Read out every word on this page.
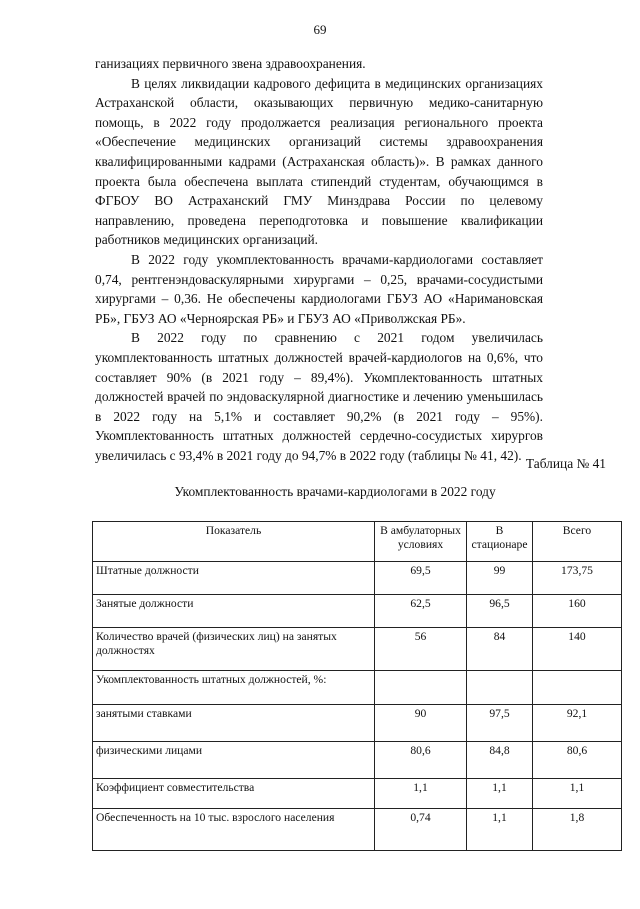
69

ганизациях первичного звена здравоохранения.

В целях ликвидации кадрового дефицита в медицинских организациях Астраханской области, оказывающих первичную медико-санитарную помощь, в 2022 году продолжается реализация регионального проекта «Обеспечение медицинских организаций системы здравоохранения квалифицированными кадрами (Астраханская область)». В рамках данного проекта была обеспечена выплата стипендий студентам, обучающимся в ФГБОУ ВО Астраханский ГМУ Минздрава России по целевому направлению, проведена переподготовка и повышение квалификации работников медицинских организаций.

В 2022 году укомплектованность врачами-кардиологами составляет 0,74, рентгенэндоваскулярными хирургами – 0,25, врачами-сосудистыми хирургами – 0,36. Не обеспечены кардиологами ГБУЗ АО «Наримановская РБ», ГБУЗ АО «Черноярская РБ» и ГБУЗ АО «Приволжская РБ».

В 2022 году по сравнению с 2021 годом увеличилась укомплектованность штатных должностей врачей-кардиологов на 0,6%, что составляет 90% (в 2021 году – 89,4%). Укомплектованность штатных должностей врачей по эндоваскулярной диагностике и лечению уменьшилась в 2022 году на 5,1% и составляет 90,2% (в 2021 году – 95%). Укомплектованность штатных должностей сердечно-сосудистых хирургов увеличилась с 93,4% в 2021 году до 94,7% в 2022 году (таблицы № 41, 42).

Таблица № 41
Укомплектованность врачами-кардиологами в 2022 году
Показатель	В амбулаторных условиях	В стационаре	Всего
Штатные должности	69,5	99	173,75
Занятые должности	62,5	96,5	160
Количество врачей (физических лиц) на занятых должностях	56	84	140
Укомплектованность штатных должностей, %:			
занятыми ставками	90	97,5	92,1
физическими лицами	80,6	84,8	80,6
Коэффициент совместительства	1,1	1,1	1,1
Обеспеченность на 10 тыс. взрослого населения	0,74	1,1	1,8
